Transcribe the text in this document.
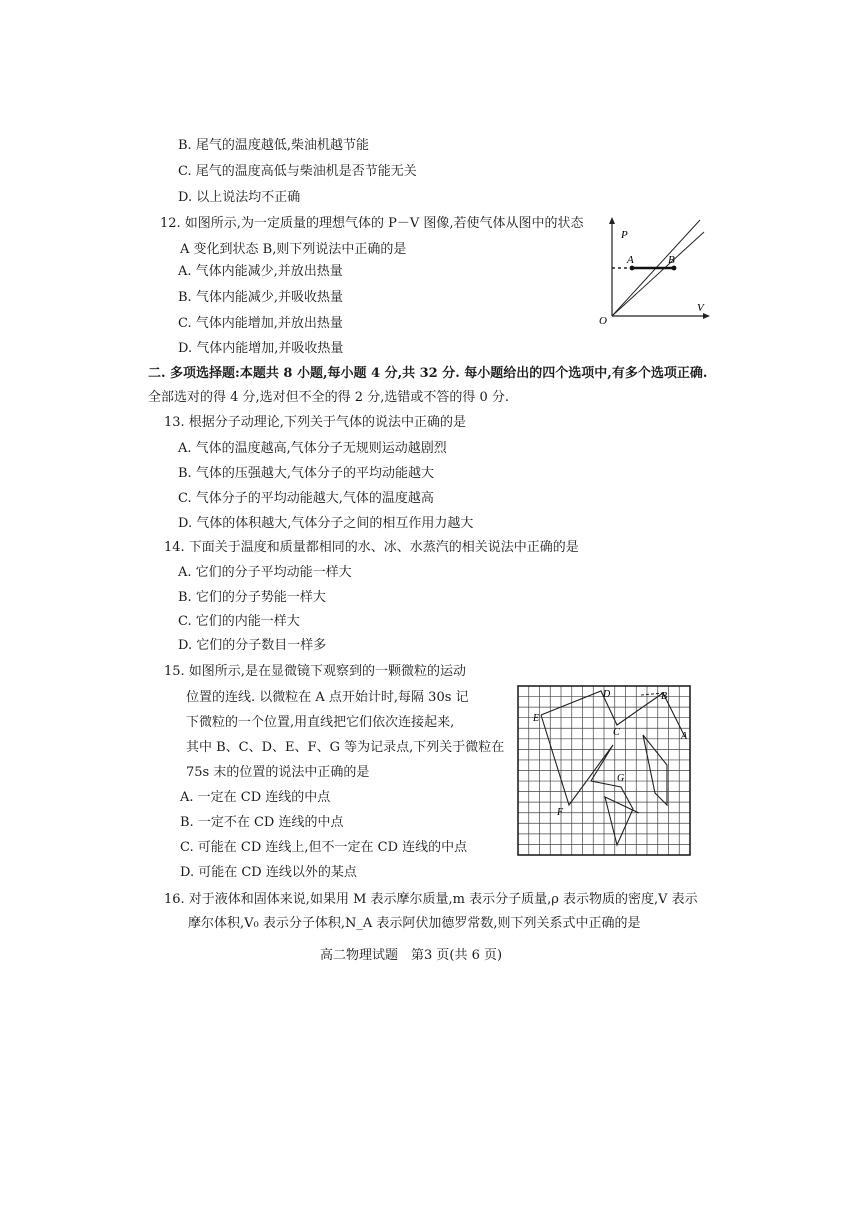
B. 尾气的温度越低,柴油机越节能
C. 尾气的温度高低与柴油机是否节能无关
D. 以上说法均不正确
12. 如图所示,为一定质量的理想气体的 P－V 图像,若使气体从图中的状态
A 变化到状态 B,则下列说法中正确的是
A. 气体内能减少,并放出热量
B. 气体内能减少,并吸收热量
C. 气体内能增加,并放出热量
D. 气体内能增加,并吸收热量
P
V
O
A	B
二. 多项选择题:本题共 8 小题,每小题 4 分,共 32 分. 每小题给出的四个选项中,有多个选项正确.
全部选对的得 4 分,选对但不全的得 2 分,选错或不答的得 0 分.
13. 根据分子动理论,下列关于气体的说法中正确的是
A. 气体的温度越高,气体分子无规则运动越剧烈
B. 气体的压强越大,气体分子的平均动能越大
C. 气体分子的平均动能越大,气体的温度越高
D. 气体的体积越大,气体分子之间的相互作用力越大
14. 下面关于温度和质量都相同的水、冰、水蒸汽的相关说法中正确的是
A. 它们的分子平均动能一样大
B. 它们的分子势能一样大
C. 它们的内能一样大
D. 它们的分子数目一样多
15. 如图所示,是在显微镜下观察到的一颗微粒的运动
位置的连线. 以微粒在 A 点开始计时,每隔 30s 记
下微粒的一个位置,用直线把它们依次连接起来,
其中 B、C、D、E、F、G 等为记录点,下列关于微粒在
75s 末的位置的说法中正确的是
A. 一定在 CD 连线的中点
B. 一定不在 CD 连线的中点
C. 可能在 CD 连线上,但不一定在 CD 连线的中点
D. 可能在 CD 连线以外的某点
E
D	B
C	A
G
F
16. 对于液体和固体来说,如果用 M 表示摩尔质量,m 表示分子质量,ρ 表示物质的密度,V 表示
摩尔体积,V₀ 表示分子体积,N_A 表示阿伏加德罗常数,则下列关系式中正确的是
高二物理试题　第3 页(共 6 页)
